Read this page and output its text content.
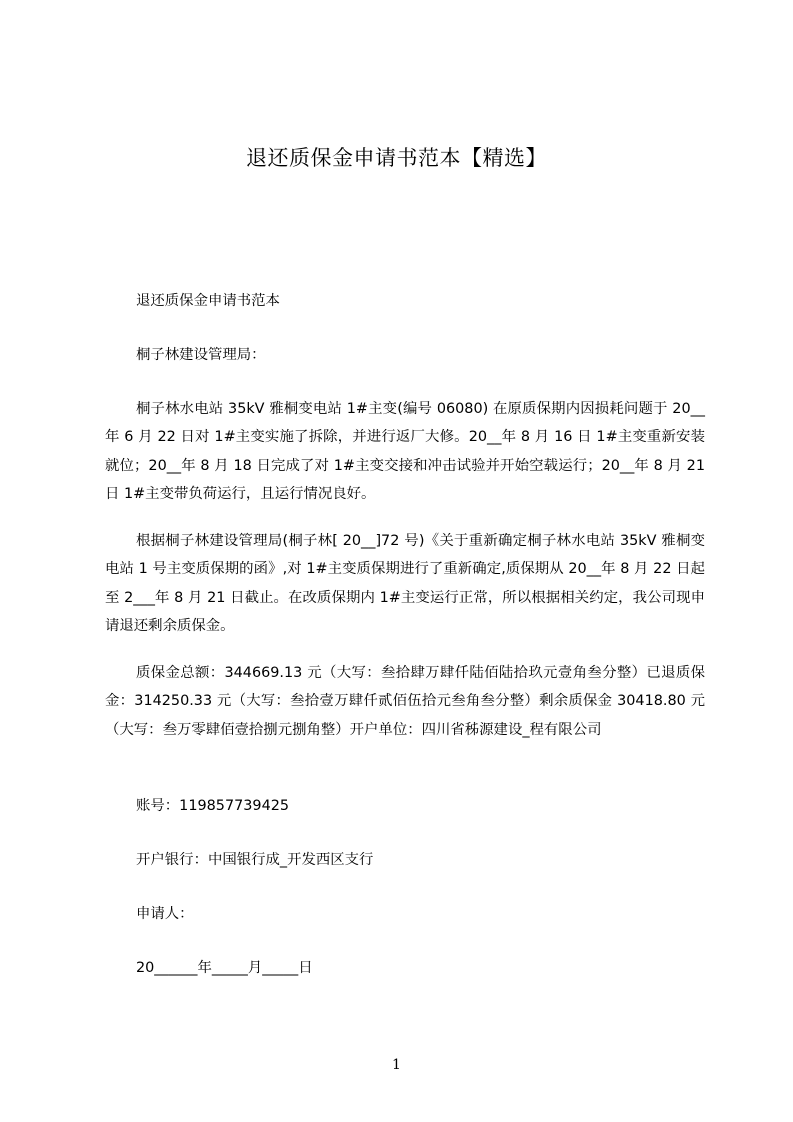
退还质保金申请书范本【精选】
退还质保金申请书范本
桐子林建设管理局：
桐子林水电站 35kV 雅桐变电站 1#主变(编号 06080) 在原质保期内因损耗问题于 20__年 6 月 22 日对 1#主变实施了拆除，并进行返厂大修。20__年 8 月 16 日 1#主变重新安装就位；20__年 8 月 18 日完成了对 1#主变交接和冲击试验并开始空载运行；20__年 8 月 21 日 1#主变带负荷运行，且运行情况良好。
根据桐子林建设管理局(桐子林[ 20__]72 号)《关于重新确定桐子林水电站 35kV 雅桐变电站 1 号主变质保期的函》,对 1#主变质保期进行了重新确定,质保期从 20__年 8 月 22 日起至 2___年 8 月 21 日截止。在改质保期内 1#主变运行正常，所以根据相关约定，我公司现申请退还剩余质保金。
质保金总额：344669.13 元（大写：叁拾肆万肆仟陆佰陆拾玖元壹角叁分整）已退质保金：314250.33 元（大写：叁拾壹万肆仟贰佰伍拾元叁角叁分整）剩余质保金 30418.80 元（大写：叁万零肆佰壹拾捌元捌角整）开户单位：四川省秭源建设_程有限公司
账号：119857739425
开户银行：中国银行成_开发西区支行
申请人：
20______年_____月_____日
1
